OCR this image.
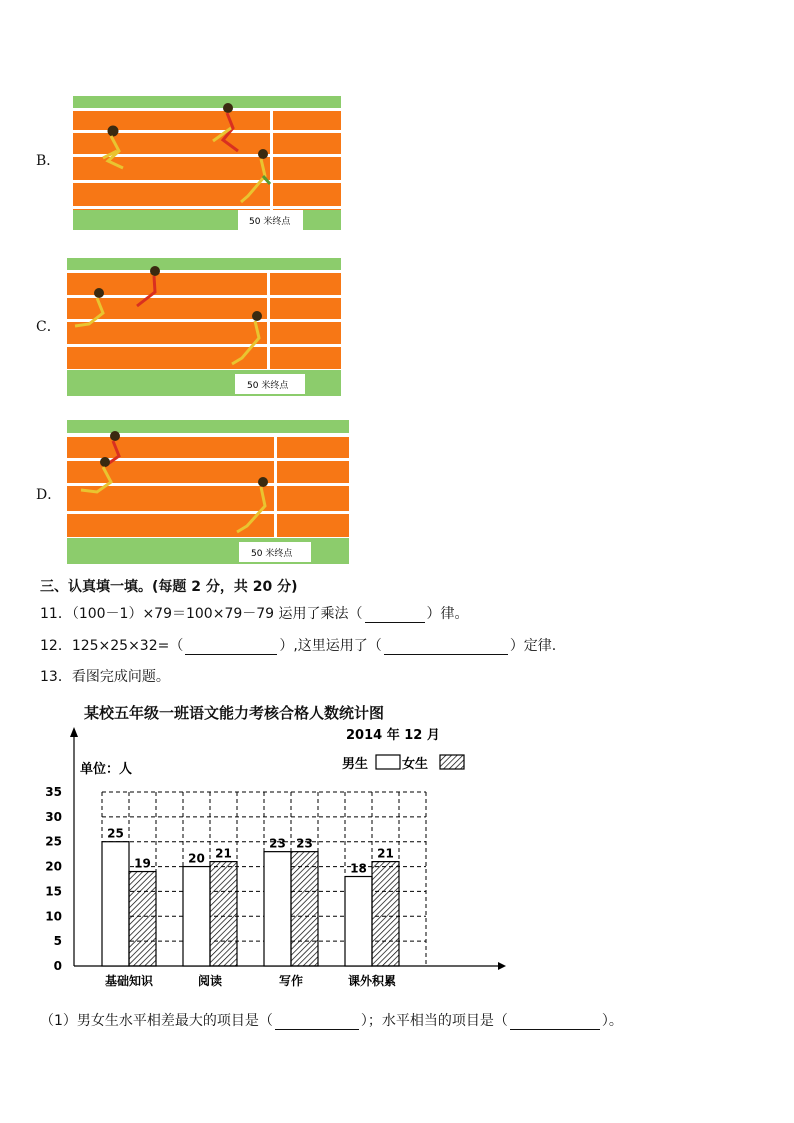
B．
50 米终点
C．
50 米终点
D．
50 米终点
三、认真填一填。(每题 2 分，共 20 分)
11．（100－1）×79＝100×79－79 运用了乘法（	）律。
12．125×25×32=（	）,这里运用了（	）定律.
13．看图完成问题。
某校五年级一班语文能力考核合格人数统计图
0
5
10
15
20
25
30
35
单位：人
2014 年 12 月
男生	女生
25
19
基础知识
20 21
阅读
23 23
写作
18
21
课外积累
（1）男女生水平相差最大的项目是（	）；水平相当的项目是（	）。
